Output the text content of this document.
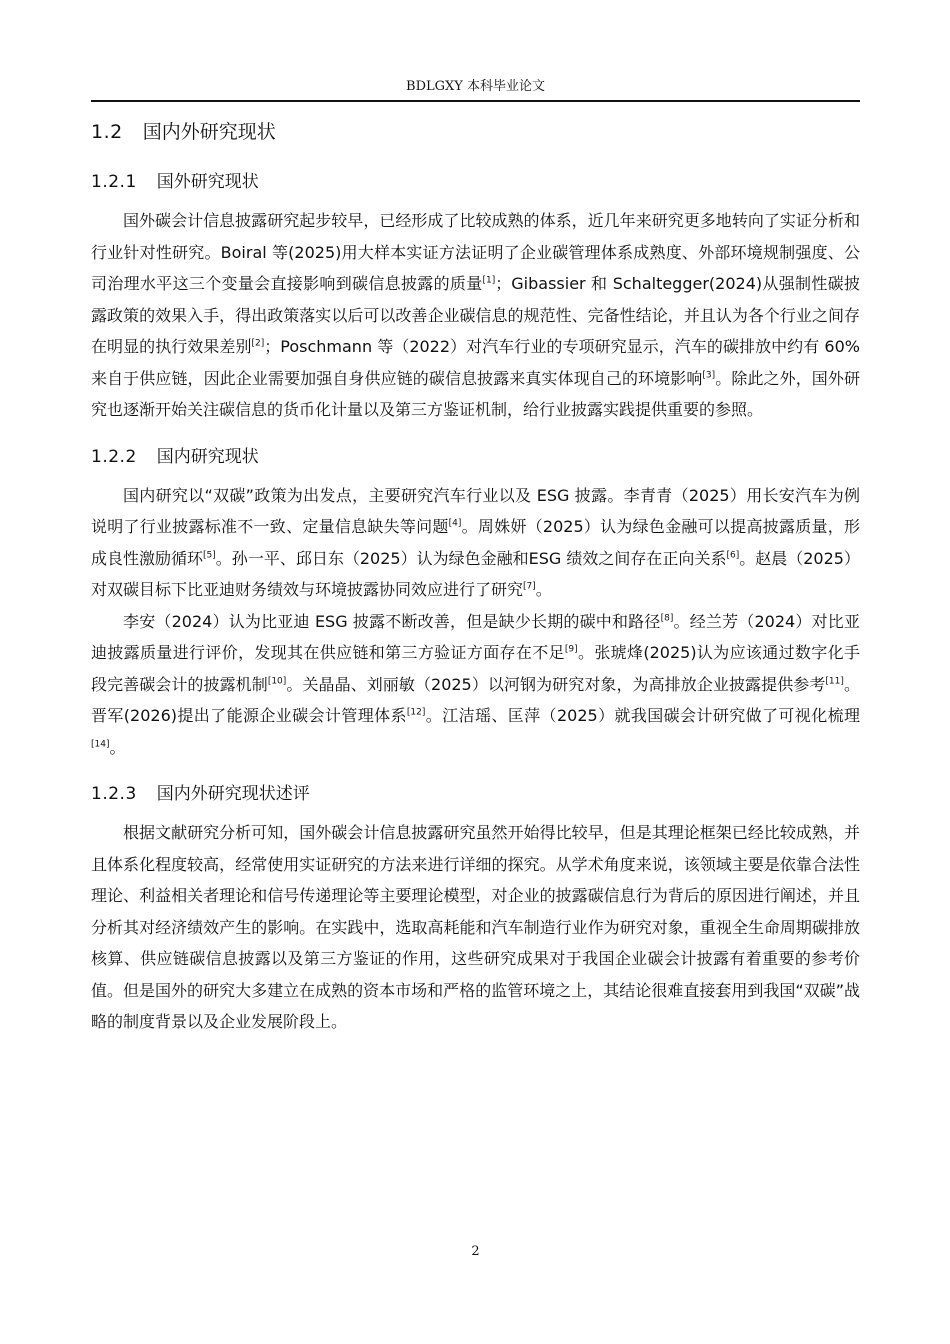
BDLGXY 本科毕业论文
1.2 国内外研究现状
1.2.1 国外研究现状

国外碳会计信息披露研究起步较早，已经形成了比较成熟的体系，近几年来研究更多地转向了实证分析和行业针对性研究。Boiral 等(2025)用大样本实证方法证明了企业碳管理体系成熟度、外部环境规制强度、公司治理水平这三个变量会直接影响到碳信息披露的质量[1]；Gibassier 和 Schaltegger(2024)从强制性碳披露政策的效果入手，得出政策落实以后可以改善企业碳信息的规范性、完备性结论，并且认为各个行业之间存在明显的执行效果差别[2]；Poschmann 等（2022）对汽车行业的专项研究显示，汽车的碳排放中约有 60%来自于供应链，因此企业需要加强自身供应链的碳信息披露来真实体现自己的环境影响[3]。除此之外，国外研究也逐渐开始关注碳信息的货币化计量以及第三方鉴证机制，给行业披露实践提供重要的参照。

1.2.2 国内研究现状

国内研究以“双碳”政策为出发点，主要研究汽车行业以及 ESG 披露。李青青（2025）用长安汽车为例说明了行业披露标准不一致、定量信息缺失等问题[4]。周姝妍（2025）认为绿色金融可以提高披露质量，形成良性激励循环[5]。孙一平、邱日东（2025）认为绿色金融和ESG 绩效之间存在正向关系[6]。赵晨（2025）对双碳目标下比亚迪财务绩效与环境披露协同效应进行了研究[7]。

李安（2024）认为比亚迪 ESG 披露不断改善，但是缺少长期的碳中和路径[8]。经兰芳（2024）对比亚迪披露质量进行评价，发现其在供应链和第三方验证方面存在不足[9]。张琥烽(2025)认为应该通过数字化手段完善碳会计的披露机制[10]。关晶晶、刘丽敏（2025）以河钢为研究对象，为高排放企业披露提供参考[11]。晋军(2026)提出了能源企业碳会计管理体系[12]。江洁瑶、匡萍（2025）就我国碳会计研究做了可视化梳理[14]。

1.2.3 国内外研究现状述评

根据文献研究分析可知，国外碳会计信息披露研究虽然开始得比较早，但是其理论框架已经比较成熟，并且体系化程度较高，经常使用实证研究的方法来进行详细的探究。从学术角度来说，该领域主要是依靠合法性理论、利益相关者理论和信号传递理论等主要理论模型，对企业的披露碳信息行为背后的原因进行阐述，并且分析其对经济绩效产生的影响。在实践中，选取高耗能和汽车制造行业作为研究对象，重视全生命周期碳排放核算、供应链碳信息披露以及第三方鉴证的作用，这些研究成果对于我国企业碳会计披露有着重要的参考价值。但是国外的研究大多建立在成熟的资本市场和严格的监管环境之上，其结论很难直接套用到我国“双碳”战略的制度背景以及企业发展阶段上。

2
